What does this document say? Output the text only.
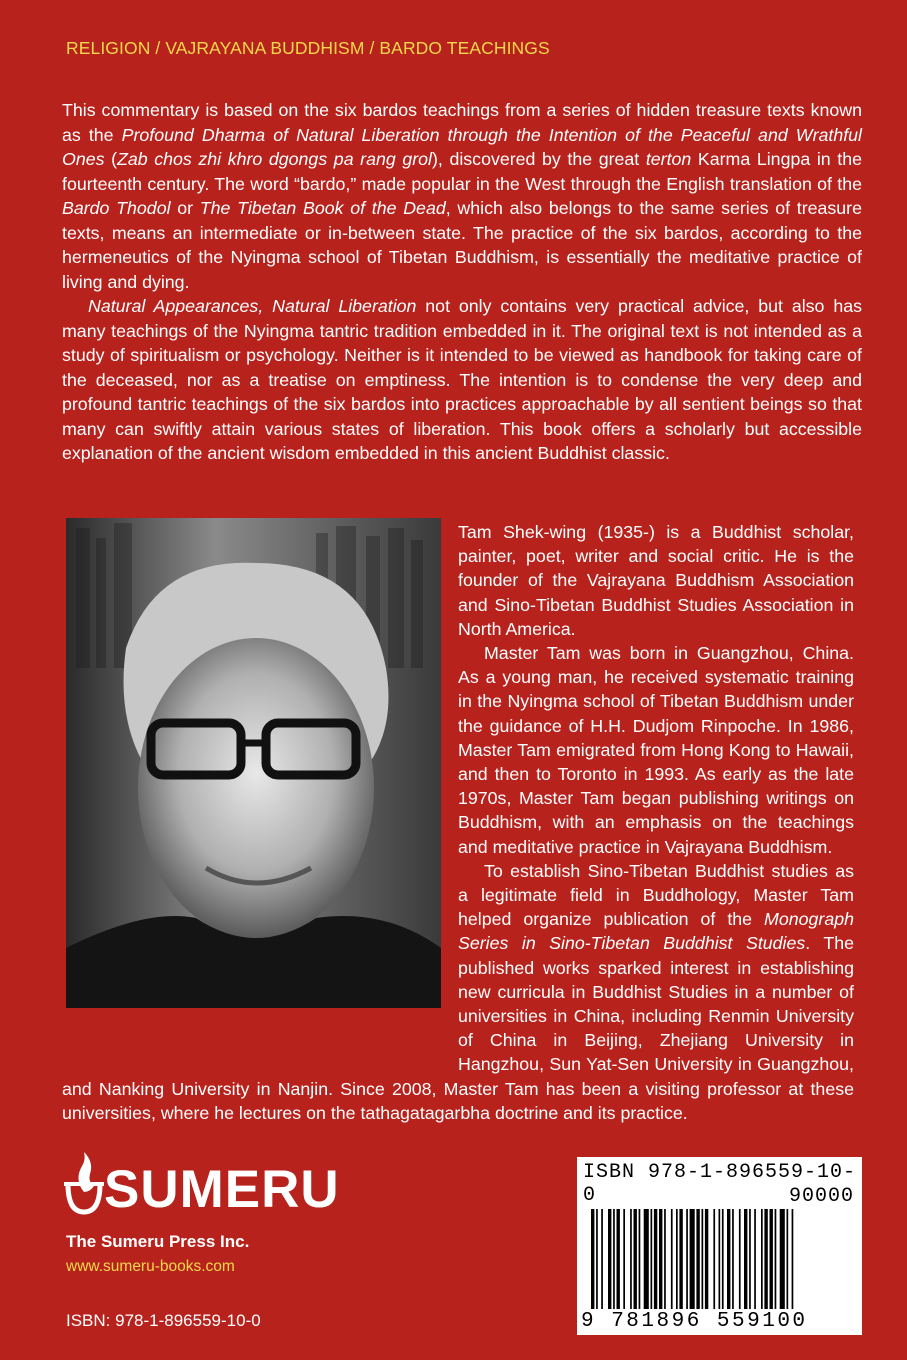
RELIGION / VAJRAYANA BUDDHISM / BARDO TEACHINGS

This commentary is based on the six bardos teachings from a series of hidden treasure texts known as the Profound Dharma of Natural Liberation through the Intention of the Peaceful and Wrathful Ones (Zab chos zhi khro dgongs pa rang grol), discovered by the great terton Karma Lingpa in the fourteenth century. The word “bardo,” made popular in the West through the English translation of the Bardo Thodol or The Tibetan Book of the Dead, which also belongs to the same series of treasure texts, means an intermediate or in-between state. The practice of the six bardos, according to the hermeneutics of the Nyingma school of Tibetan Buddhism, is essentially the meditative practice of living and dying.

Natural Appearances, Natural Liberation not only contains very practical advice, but also has many teachings of the Nyingma tantric tradition embedded in it. The original text is not intended as a study of spiritualism or psychology. Neither is it intended to be viewed as handbook for taking care of the deceased, nor as a treatise on emptiness. The intention is to condense the very deep and profound tantric teachings of the six bardos into practices approachable by all sentient beings so that many can swiftly attain various states of liberation. This book offers a scholarly but accessible explanation of the ancient wisdom embedded in this ancient Buddhist classic.

Tam Shek-wing (1935-) is a Buddhist scholar, painter, poet, writer and social critic. He is the founder of the Vajrayana Buddhism Association and Sino-Tibetan Buddhist Studies Association in North America.

Master Tam was born in Guangzhou, China. As a young man, he received systematic training in the Nyingma school of Tibetan Buddhism under the guidance of H.H. Dudjom Rinpoche. In 1986, Master Tam emigrated from Hong Kong to Hawaii, and then to Toronto in 1993. As early as the late 1970s, Master Tam began publishing writings on Buddhism, with an emphasis on the teachings and meditative practice in Vajrayana Buddhism.

To establish Sino-Tibetan Buddhist studies as a legitimate field in Buddhology, Master Tam helped organize publication of the Monograph Series in Sino-Tibetan Buddhist Studies. The published works sparked interest in establishing new curricula in Buddhist Studies in a number of universities in China, including Renmin University of China in Beijing, Zhejiang University in Hangzhou, Sun Yat-Sen University in Guangzhou, and Nanking University in Nanjin. Since 2008, Master Tam has been a visiting professor at these universities, where he lectures on the tathagatagarbha doctrine and its practice.

SUMERU
The Sumeru Press Inc.
www.sumeru-books.com
ISBN: 978-1-896559-10-0
ISBN 978-1-896559-10-0	90000
9 781896 559100
